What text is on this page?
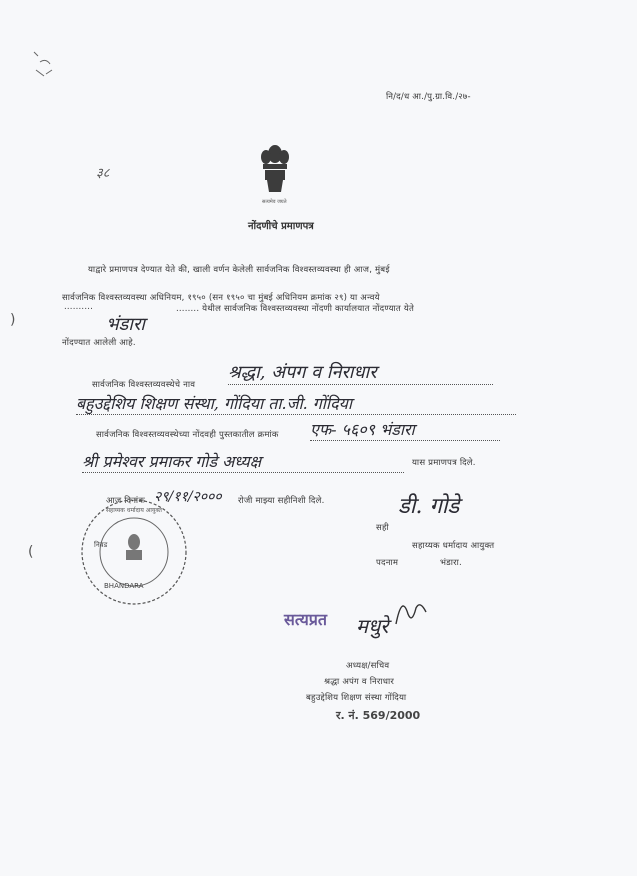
नि/द/ध आ./पु.ग्रा.वि./२७-
३८
सत्यमेव जयते
नोंदणीचे प्रमाणपत्र
याद्वारे प्रमाणपत्र देण्यात येते की, खाली वर्णन केलेली सार्वजनिक विश्वस्तव्यवस्था ही आज, मुंबई
सार्वजनिक विश्वस्तव्यवस्था अधिनियम, १९५० (सन १९५० चा मुंबई अधिनियम क्रमांक २९) या अन्वये
..........
भंडारा
........ येथील सार्वजनिक विश्वस्तव्यवस्था नोंदणी कार्यालयात नोंदण्यात येते
नोंदण्यात आलेली आहे.
)
(
सार्वजनिक विश्वस्तव्यवस्थेचे नाव
श्रद्धा, अंपग व निराधार
बहुउद्देशिय शिक्षण संस्था, गोंदिया ता.जी. गोंदिया
सार्वजनिक विश्वस्तव्यवस्थेच्या नोंदवही पुस्तकातील क्रमांक एफ- ५६०९ भंडारा
श्री प्रमेश्वर प्रमाकर गोडे अध्यक्ष	यास प्रमाणपत्र दिले.
आज दिनांक २९/११/२००० रोजी माझ्या सहीनिशी दिले.
सही
डी. गोडे
सहाय्यक धर्मादाय आयुक्त
पदनाम	भंडारा.
सहाय्यक धर्मादाय आयुक्त
निवड
BHANDARA
सत्यप्रत मधुरे
अध्यक्ष/सचिव
श्रद्धा अपंग व निराधार
बहुउद्देशिय शिक्षण संस्था गोंदिया
र. नं. 569/2000
